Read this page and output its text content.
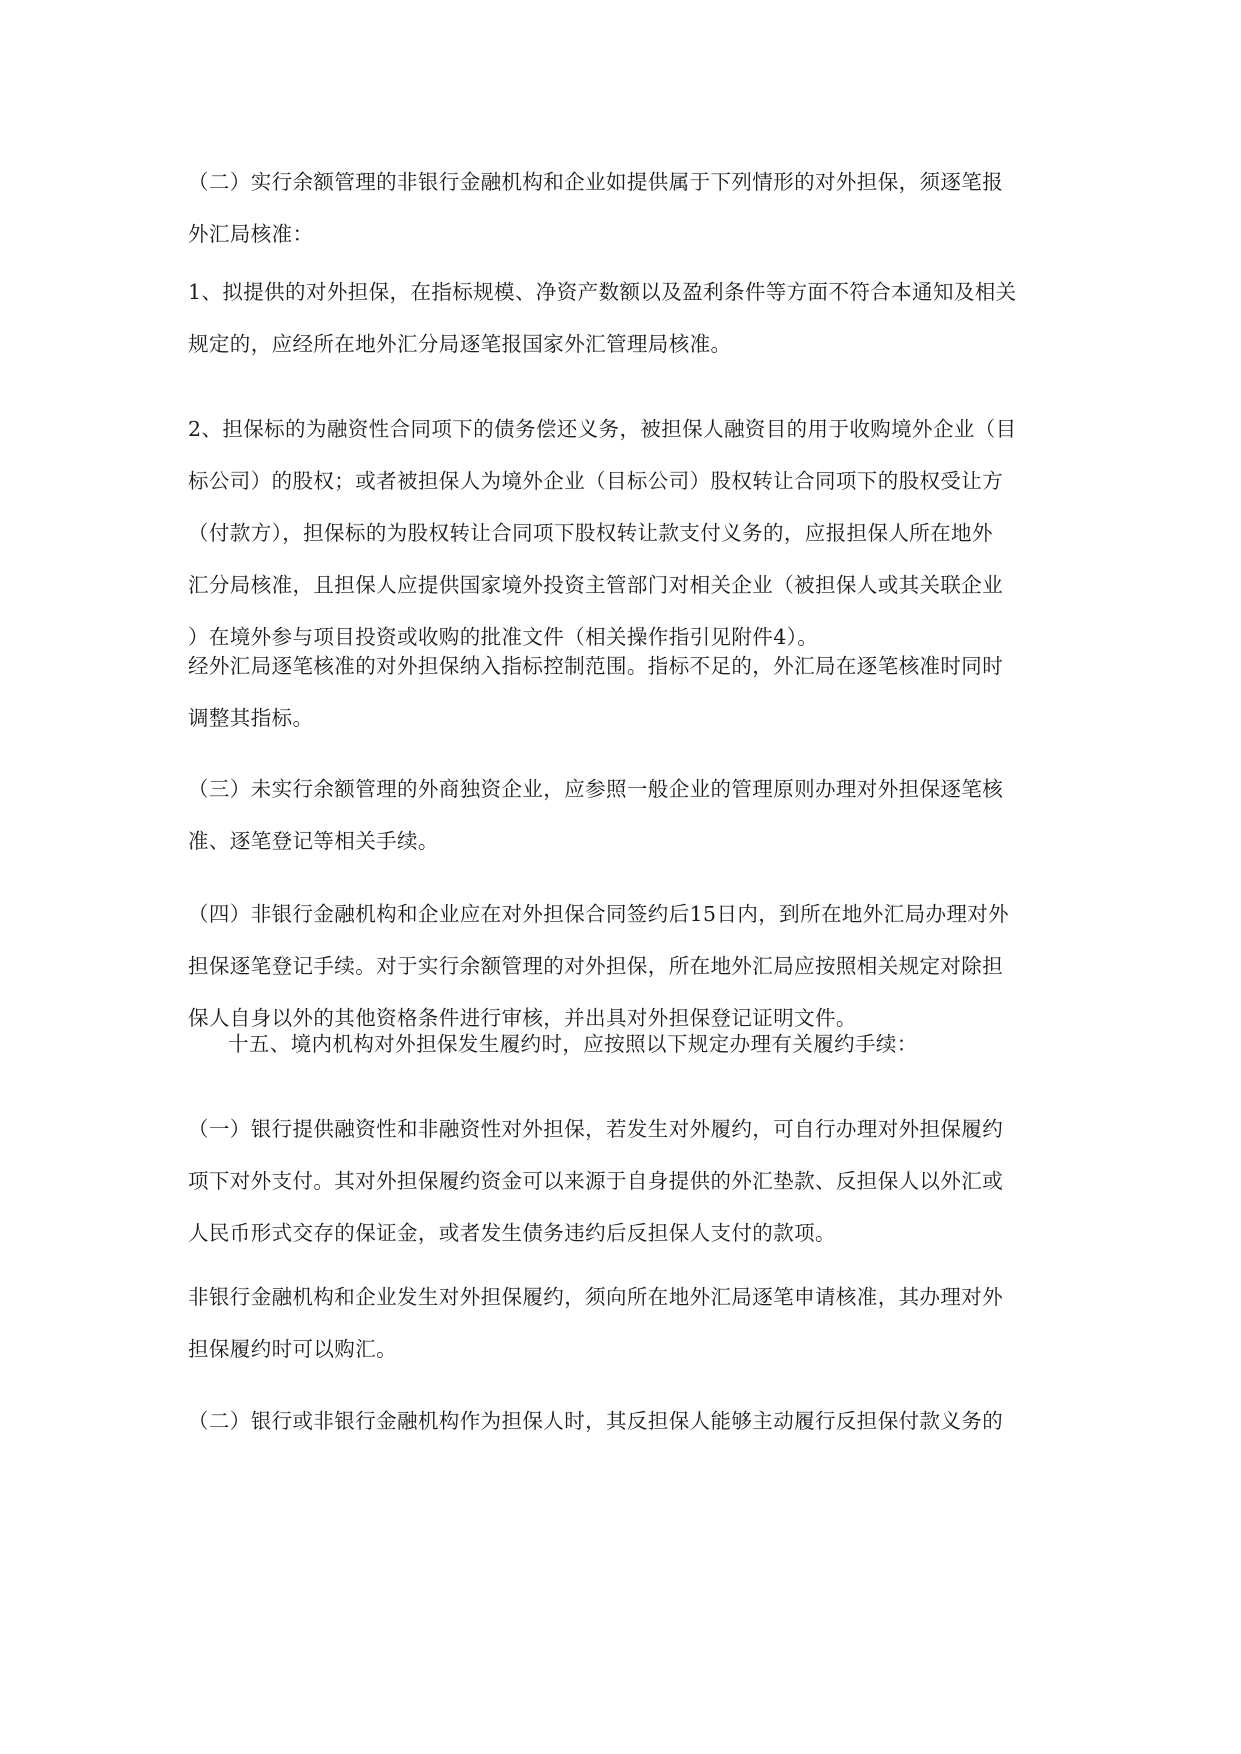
（二）实行余额管理的非银行金融机构和企业如提供属于下列情形的对外担保，须逐笔报
外汇局核准：

1、拟提供的对外担保，在指标规模、净资产数额以及盈利条件等方面不符合本通知及相关
规定的，应经所在地外汇分局逐笔报国家外汇管理局核准。

2、担保标的为融资性合同项下的债务偿还义务，被担保人融资目的用于收购境外企业（目
标公司）的股权；或者被担保人为境外企业（目标公司）股权转让合同项下的股权受让方
（付款方），担保标的为股权转让合同项下股权转让款支付义务的，应报担保人所在地外
汇分局核准，且担保人应提供国家境外投资主管部门对相关企业（被担保人或其关联企业
）在境外参与项目投资或收购的批准文件（相关操作指引见附件4）。

经外汇局逐笔核准的对外担保纳入指标控制范围。指标不足的，外汇局在逐笔核准时同时
调整其指标。

（三）未实行余额管理的外商独资企业，应参照一般企业的管理原则办理对外担保逐笔核
准、逐笔登记等相关手续。

（四）非银行金融机构和企业应在对外担保合同签约后15日内，到所在地外汇局办理对外
担保逐笔登记手续。对于实行余额管理的对外担保，所在地外汇局应按照相关规定对除担
保人自身以外的其他资格条件进行审核，并出具对外担保登记证明文件。

十五、境内机构对外担保发生履约时，应按照以下规定办理有关履约手续：

（一）银行提供融资性和非融资性对外担保，若发生对外履约，可自行办理对外担保履约
项下对外支付。其对外担保履约资金可以来源于自身提供的外汇垫款、反担保人以外汇或
人民币形式交存的保证金，或者发生债务违约后反担保人支付的款项。

非银行金融机构和企业发生对外担保履约，须向所在地外汇局逐笔申请核准，其办理对外
担保履约时可以购汇。

（二）银行或非银行金融机构作为担保人时，其反担保人能够主动履行反担保付款义务的
